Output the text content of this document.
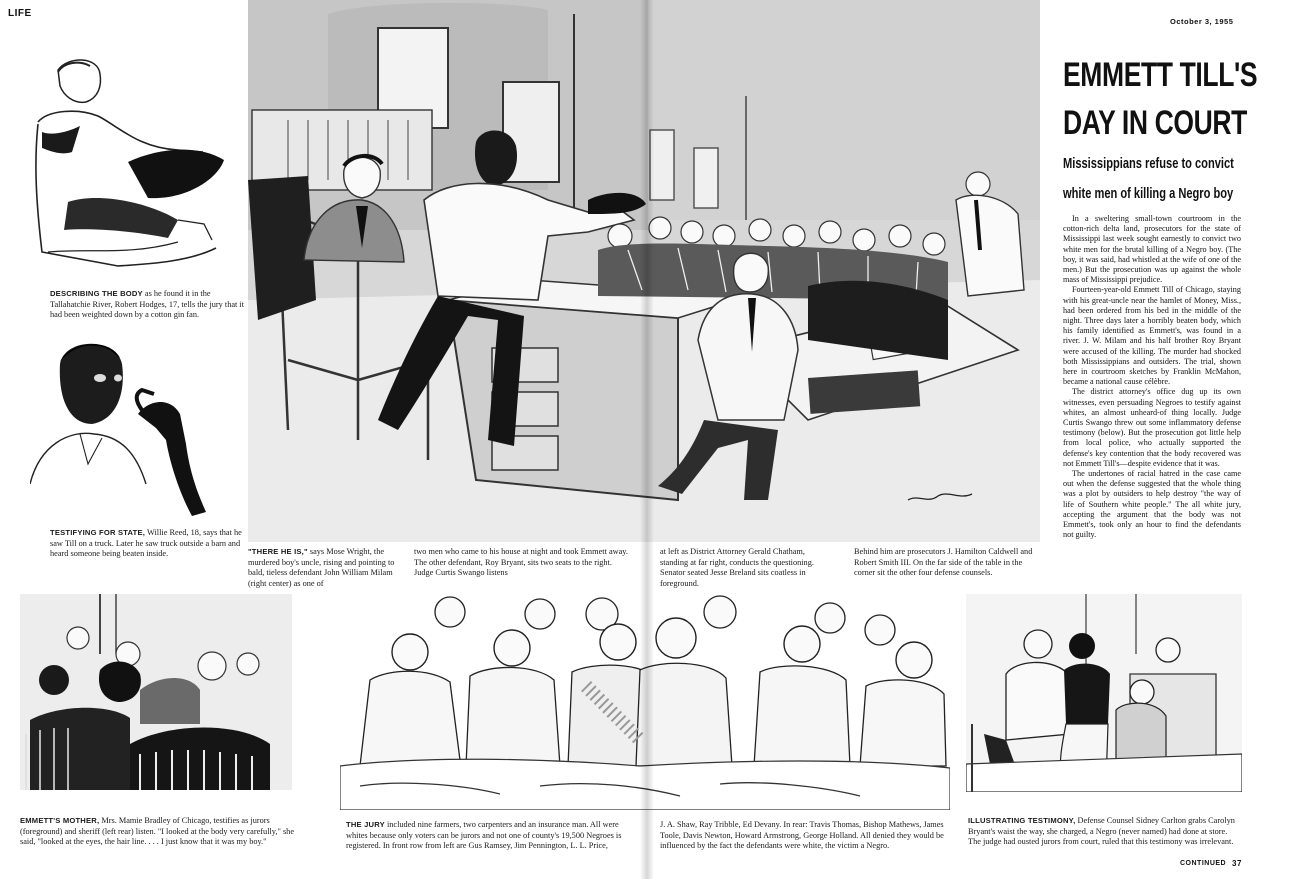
LIFE
October 3, 1955
DESCRIBING THE BODY as he found it in the Tallahatchie River, Robert Hodges, 17, tells the jury that it had been weighted down by a cotton gin fan.
TESTIFYING FOR STATE, Willie Reed, 18, says that he saw Till on a truck. Later he saw truck outside a barn and heard someone being beaten inside.	"THERE HE IS," says Mose Wright, the murdered boy's uncle, rising and pointing to bald, tieless defendant John William Milam (right center) as one of
two men who came to his house at night and took Emmett away. The other defendant, Roy Bryant, sits two seats to the right. Judge Curtis Swango listens
at left as District Attorney Gerald Chatham, standing at far right, conducts the questioning. Senator seated Jesse Breland sits coatless in foreground.
Behind him are prosecutors J. Hamilton Caldwell and Robert Smith III. On the far side of the table in the corner sit the other four defense counsels.
EMMETT TILL'S
DAY IN COURT
Mississippians refuse to convict
white men of killing a Negro boy

In a sweltering small-town courtroom in the cotton-rich delta land, prosecutors for the state of Mississippi last week sought earnestly to convict two white men for the brutal killing of a Negro boy. (The boy, it was said, had whistled at the wife of one of the men.) But the prosecution was up against the whole mass of Mississippi prejudice.

Fourteen-year-old Emmett Till of Chicago, staying with his great-uncle near the hamlet of Money, Miss., had been ordered from his bed in the middle of the night. Three days later a horribly beaten body, which his family identified as Emmett's, was found in a river. J. W. Milam and his half brother Roy Bryant were accused of the killing. The murder had shocked both Mississippians and outsiders. The trial, shown here in courtroom sketches by Franklin McMahon, became a national cause célèbre.

The district attorney's office dug up its own witnesses, even persuading Negroes to testify against whites, an almost unheard-of thing locally. Judge Curtis Swango threw out some inflammatory defense testimony (below). But the prosecution got little help from local police, who actually supported the defense's key contention that the body recovered was not Emmett Till's—despite evidence that it was.

The undertones of racial hatred in the case came out when the defense suggested that the whole thing was a plot by outsiders to help destroy "the way of life of Southern white people." The all white jury, accepting the argument that the body was not Emmett's, took only an hour to find the defendants not guilty.

EMMETT'S MOTHER, Mrs. Mamie Bradley of Chicago, testifies as jurors (foreground) and sheriff (left rear) listen. "I looked at the body very carefully," she said, "looked at the eyes, the hair line. . . . I just know that it was my boy."
THE JURY included nine farmers, two carpenters and an insurance man. All were whites because only voters can be jurors and not one of county's 19,500 Negroes is registered. In front row from left are Gus Ramsey, Jim Pennington, L. L. Price,
J. A. Shaw, Ray Tribble, Ed Devany. In rear: Travis Thomas, Bishop Mathews, James Toole, Davis Newton, Howard Armstrong, George Holland. All denied they would be influenced by the fact the defendants were white, the victim a Negro.
ILLUSTRATING TESTIMONY, Defense Counsel Sidney Carlton grabs Carolyn Bryant's waist the way, she charged, a Negro (never named) had done at store. The judge had ousted jurors from court, ruled that this testimony was irrelevant.
CONTINUED 37
